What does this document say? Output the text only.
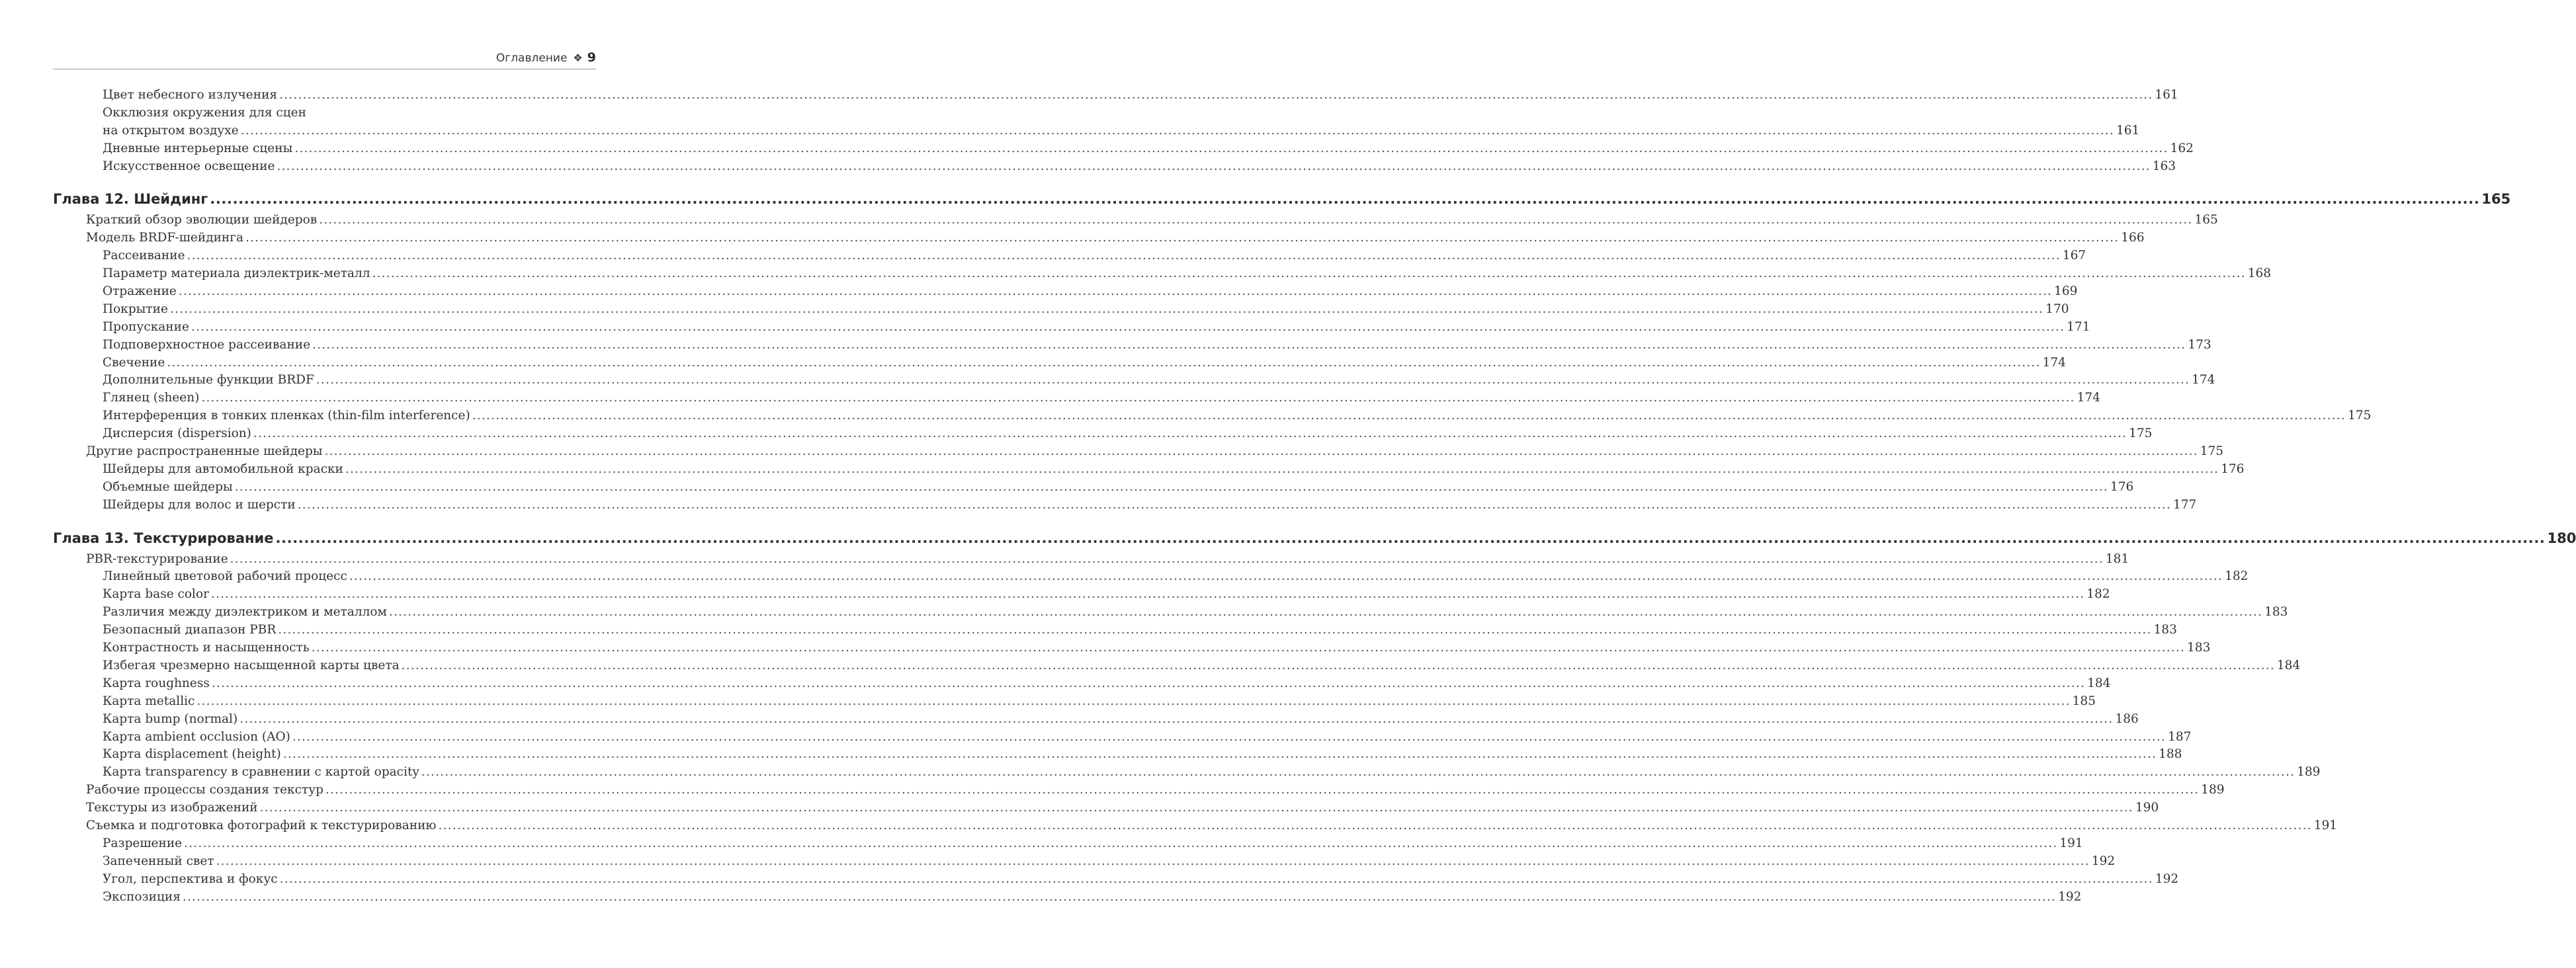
Оглавление ❖ 9
Цвет небесного излучения ................................................................................................................................................................................................................................................................................................................................................................................................................ 161
Окклюзия окружения для сцен
на открытом воздухе ................................................................................................................................................................................................................................................................................................................................................................................................................ 161
Дневные интерьерные сцены ................................................................................................................................................................................................................................................................................................................................................................................................................ 162
Искусственное освещение ................................................................................................................................................................................................................................................................................................................................................................................................................ 163
Глава 12. Шейдинг ................................................................................................................................................................................................................................................................................................................................................................................................................ 165
Краткий обзор эволюции шейдеров ................................................................................................................................................................................................................................................................................................................................................................................................................ 165
Модель BRDF-шейдинга ................................................................................................................................................................................................................................................................................................................................................................................................................ 166
Рассеивание ................................................................................................................................................................................................................................................................................................................................................................................................................ 167
Параметр материала диэлектрик-металл ................................................................................................................................................................................................................................................................................................................................................................................................................ 168
Отражение ................................................................................................................................................................................................................................................................................................................................................................................................................ 169
Покрытие ................................................................................................................................................................................................................................................................................................................................................................................................................ 170
Пропускание ................................................................................................................................................................................................................................................................................................................................................................................................................ 171
Подповерхностное рассеивание ................................................................................................................................................................................................................................................................................................................................................................................................................ 173
Свечение ................................................................................................................................................................................................................................................................................................................................................................................................................ 174
Дополнительные функции BRDF ................................................................................................................................................................................................................................................................................................................................................................................................................ 174
Глянец (sheen) ................................................................................................................................................................................................................................................................................................................................................................................................................ 174
Интерференция в тонких пленках (thin-film interference) ................................................................................................................................................................................................................................................................................................................................................................................................................ 175
Дисперсия (dispersion) ................................................................................................................................................................................................................................................................................................................................................................................................................ 175
Другие распространенные шейдеры ................................................................................................................................................................................................................................................................................................................................................................................................................ 175
Шейдеры для автомобильной краски ................................................................................................................................................................................................................................................................................................................................................................................................................ 176
Объемные шейдеры ................................................................................................................................................................................................................................................................................................................................................................................................................ 176
Шейдеры для волос и шерсти ................................................................................................................................................................................................................................................................................................................................................................................................................ 177
Глава 13. Текстурирование ................................................................................................................................................................................................................................................................................................................................................................................................................ 180
PBR-текстурирование ................................................................................................................................................................................................................................................................................................................................................................................................................ 181
Линейный цветовой рабочий процесс ................................................................................................................................................................................................................................................................................................................................................................................................................ 182
Карта base color ................................................................................................................................................................................................................................................................................................................................................................................................................ 182
Различия между диэлектриком и металлом ................................................................................................................................................................................................................................................................................................................................................................................................................ 183
Безопасный диапазон PBR ................................................................................................................................................................................................................................................................................................................................................................................................................ 183
Контрастность и насыщенность ................................................................................................................................................................................................................................................................................................................................................................................................................ 183
Избегая чрезмерно насыщенной карты цвета ................................................................................................................................................................................................................................................................................................................................................................................................................ 184
Карта roughness ................................................................................................................................................................................................................................................................................................................................................................................................................ 184
Карта metallic ................................................................................................................................................................................................................................................................................................................................................................................................................ 185
Карта bump (normal) ................................................................................................................................................................................................................................................................................................................................................................................................................ 186
Карта ambient occlusion (AO) ................................................................................................................................................................................................................................................................................................................................................................................................................ 187
Карта displacement (height) ................................................................................................................................................................................................................................................................................................................................................................................................................ 188
Карта transparency в сравнении с картой opacity ................................................................................................................................................................................................................................................................................................................................................................................................................ 189
Рабочие процессы создания текстур ................................................................................................................................................................................................................................................................................................................................................................................................................ 189
Текстуры из изображений ................................................................................................................................................................................................................................................................................................................................................................................................................ 190
Съемка и подготовка фотографий к текстурированию ................................................................................................................................................................................................................................................................................................................................................................................................................ 191
Разрешение ................................................................................................................................................................................................................................................................................................................................................................................................................ 191
Запеченный свет ................................................................................................................................................................................................................................................................................................................................................................................................................ 192
Угол, перспектива и фокус ................................................................................................................................................................................................................................................................................................................................................................................................................ 192
Экспозиция ................................................................................................................................................................................................................................................................................................................................................................................................................ 192
